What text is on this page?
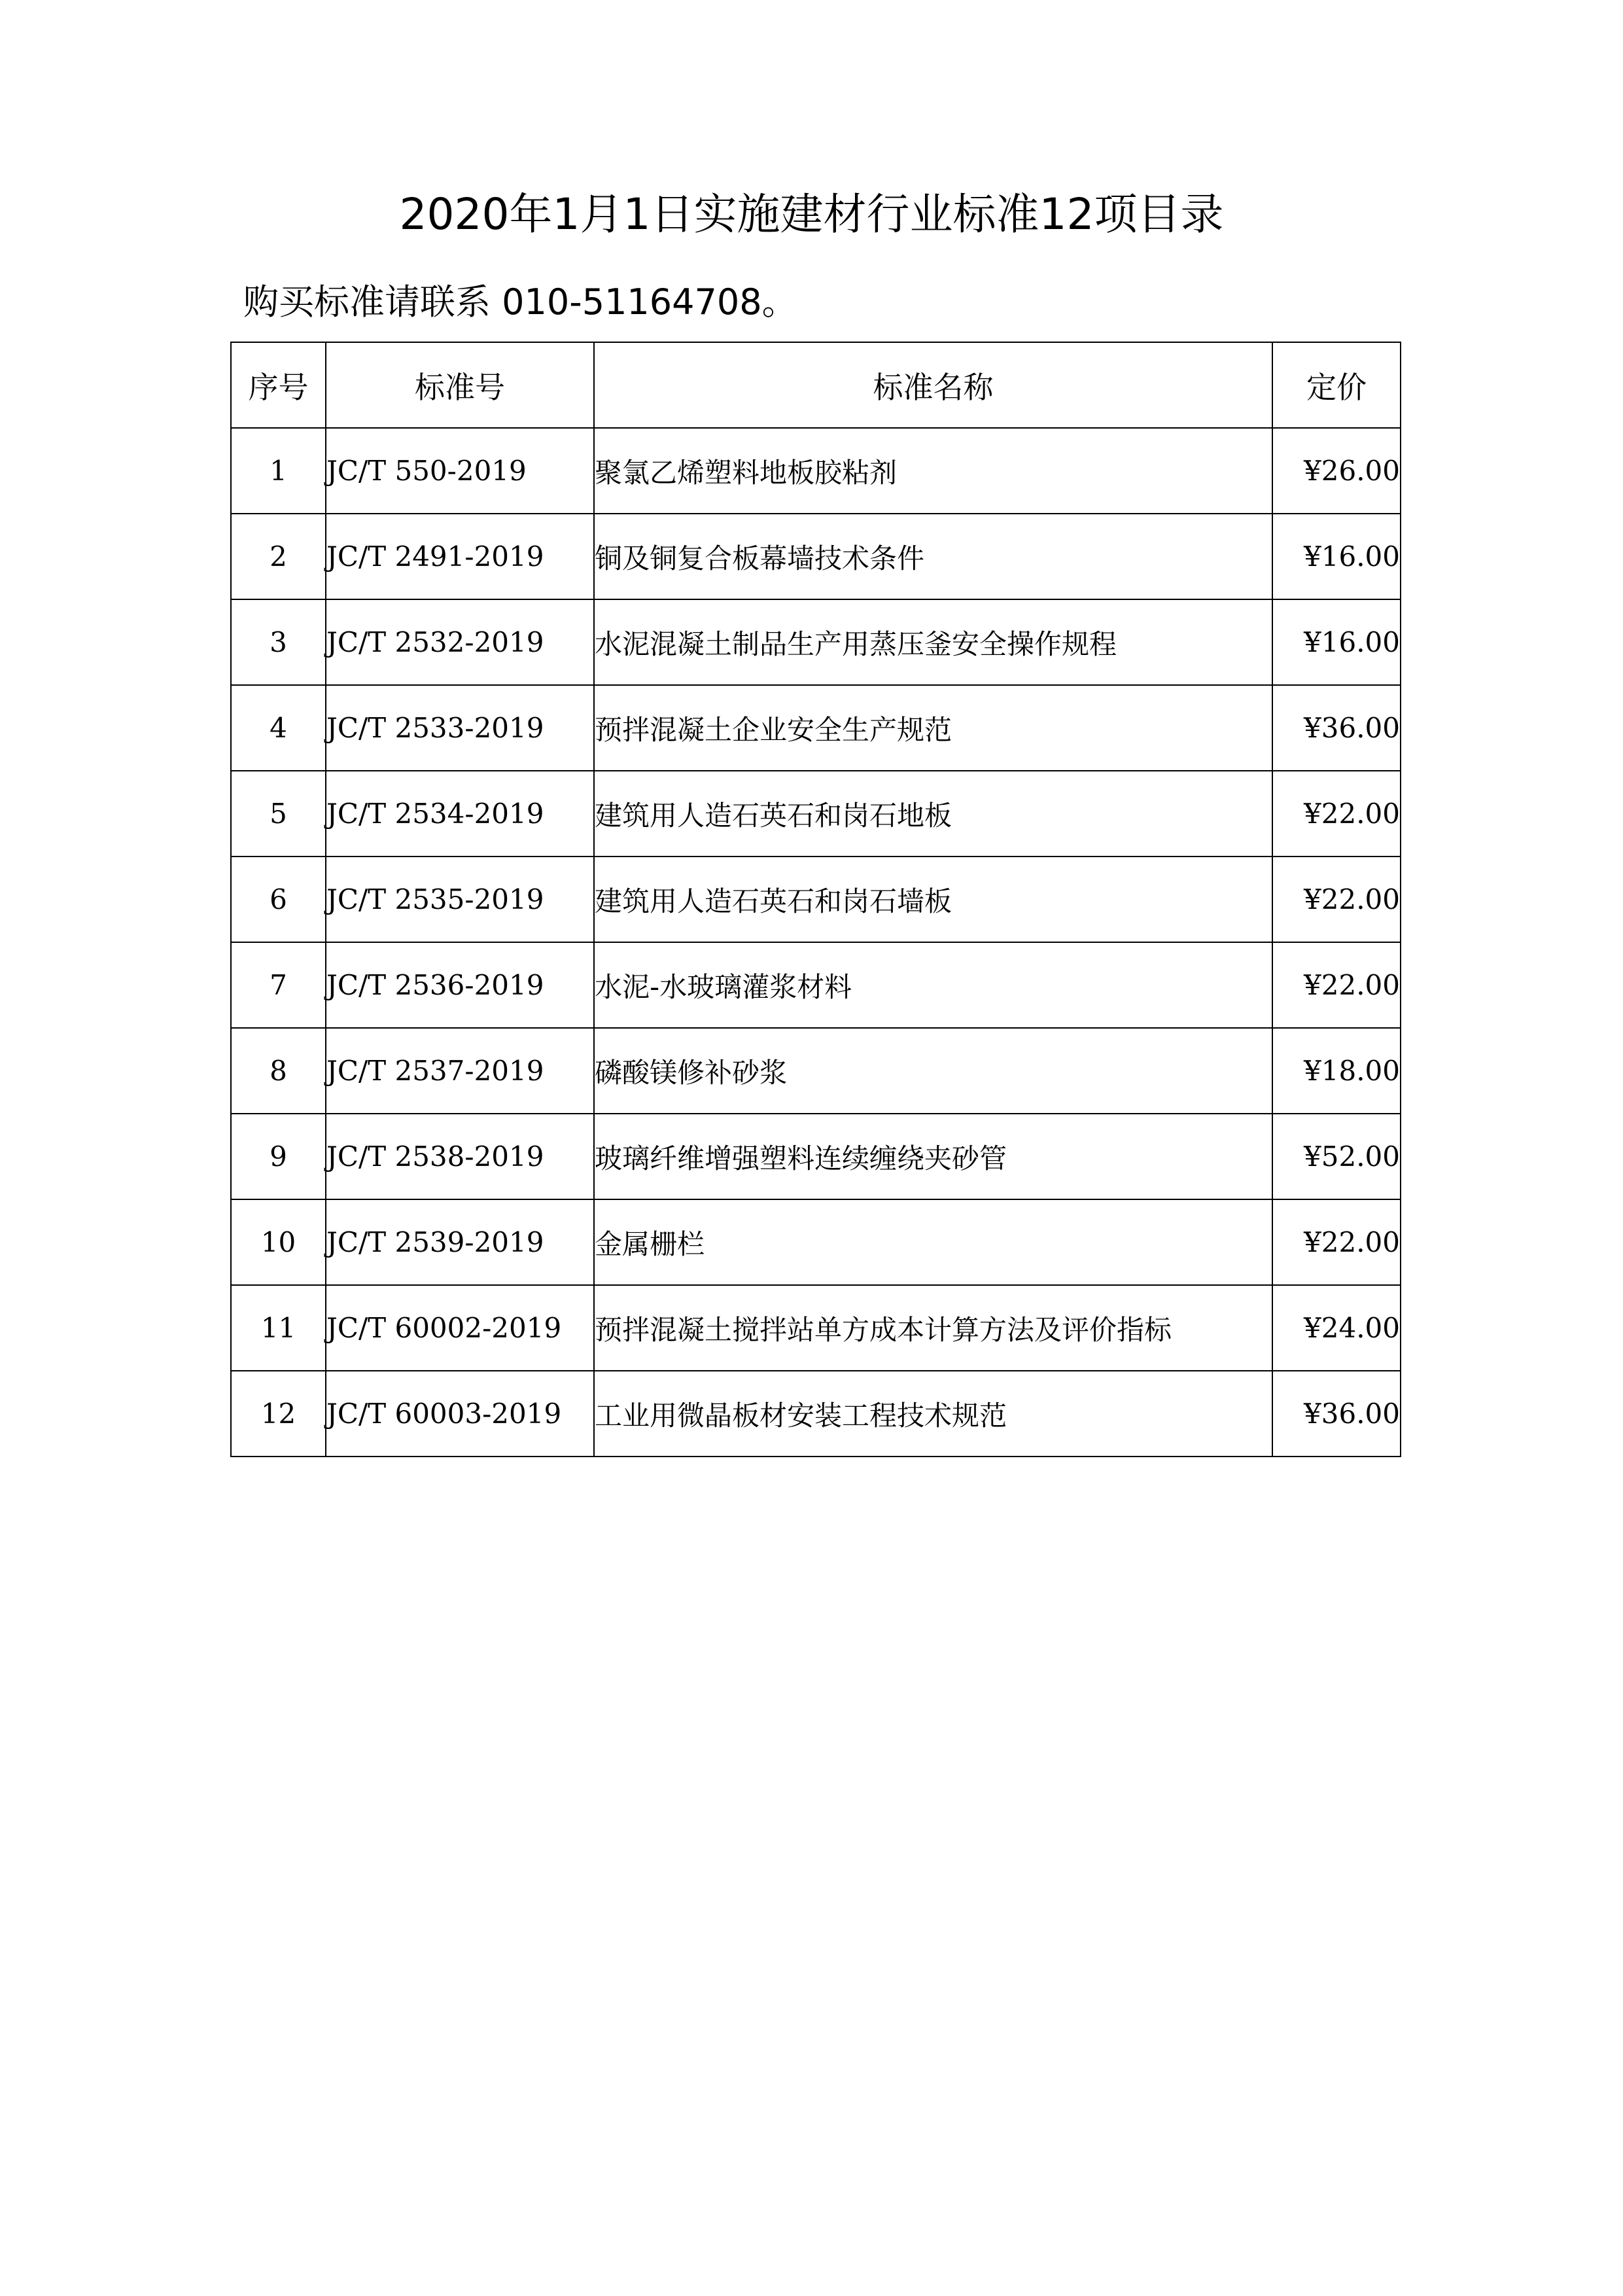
2020年1月1日实施建材行业标准12项目录

购买标准请联系 010-51164708。

序号	标准号	标准名称	定价
1	JC/T 550-2019	聚氯乙烯塑料地板胶粘剂	¥26.00
2	JC/T 2491-2019	铜及铜复合板幕墙技术条件	¥16.00
3	JC/T 2532-2019	水泥混凝土制品生产用蒸压釜安全操作规程	¥16.00
4	JC/T 2533-2019	预拌混凝土企业安全生产规范	¥36.00
5	JC/T 2534-2019	建筑用人造石英石和岗石地板	¥22.00
6	JC/T 2535-2019	建筑用人造石英石和岗石墙板	¥22.00
7	JC/T 2536-2019	水泥-水玻璃灌浆材料	¥22.00
8	JC/T 2537-2019	磷酸镁修补砂浆	¥18.00
9	JC/T 2538-2019	玻璃纤维增强塑料连续缠绕夹砂管	¥52.00
10	JC/T 2539-2019	金属栅栏	¥22.00
11	JC/T 60002-2019	预拌混凝土搅拌站单方成本计算方法及评价指标	¥24.00
12	JC/T 60003-2019	工业用微晶板材安装工程技术规范	¥36.00
